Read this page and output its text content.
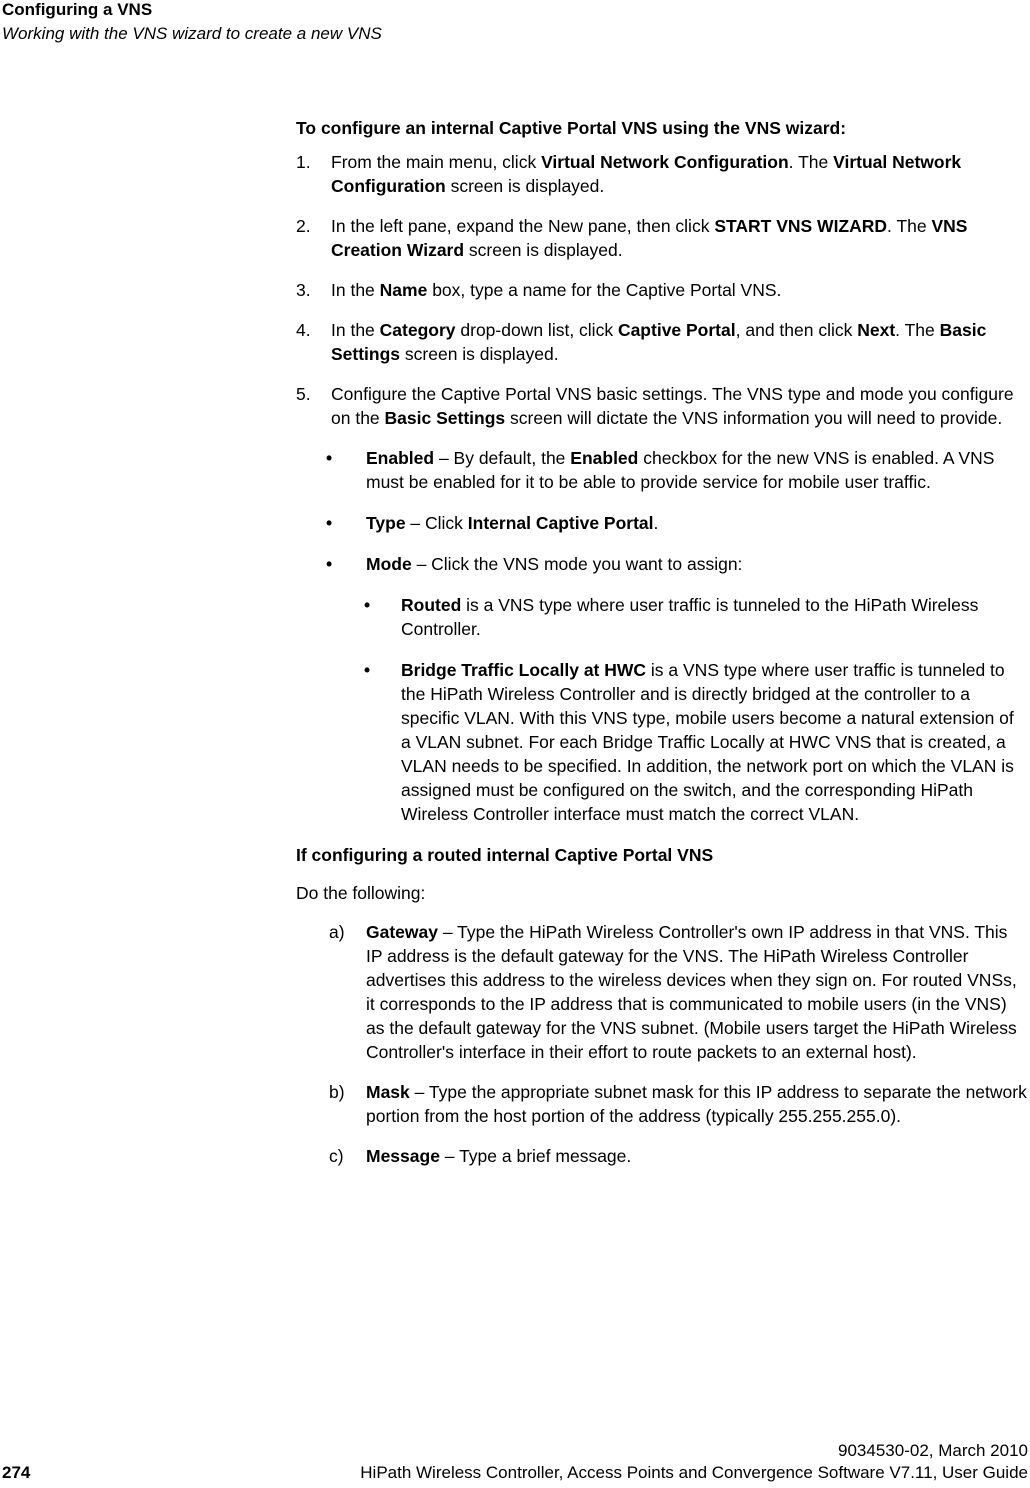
Configuring a VNS
Working with the VNS wizard to create a new VNS
To configure an internal Captive Portal VNS using the VNS wizard:
1. From the main menu, click Virtual Network Configuration. The Virtual Network Configuration screen is displayed.
2. In the left pane, expand the New pane, then click START VNS WIZARD. The VNS Creation Wizard screen is displayed.
3. In the Name box, type a name for the Captive Portal VNS.
4. In the Category drop-down list, click Captive Portal, and then click Next. The Basic Settings screen is displayed.
5. Configure the Captive Portal VNS basic settings. The VNS type and mode you configure on the Basic Settings screen will dictate the VNS information you will need to provide.
• Enabled – By default, the Enabled checkbox for the new VNS is enabled. A VNS must be enabled for it to be able to provide service for mobile user traffic.
• Type – Click Internal Captive Portal.
• Mode – Click the VNS mode you want to assign:
• Routed is a VNS type where user traffic is tunneled to the HiPath Wireless Controller.
• Bridge Traffic Locally at HWC is a VNS type where user traffic is tunneled to the HiPath Wireless Controller and is directly bridged at the controller to a specific VLAN. With this VNS type, mobile users become a natural extension of a VLAN subnet. For each Bridge Traffic Locally at HWC VNS that is created, a VLAN needs to be specified. In addition, the network port on which the VLAN is assigned must be configured on the switch, and the corresponding HiPath Wireless Controller interface must match the correct VLAN.
If configuring a routed internal Captive Portal VNS
Do the following:
a) Gateway – Type the HiPath Wireless Controller's own IP address in that VNS. This IP address is the default gateway for the VNS. The HiPath Wireless Controller advertises this address to the wireless devices when they sign on. For routed VNSs, it corresponds to the IP address that is communicated to mobile users (in the VNS) as the default gateway for the VNS subnet. (Mobile users target the HiPath Wireless Controller's interface in their effort to route packets to an external host).
b) Mask – Type the appropriate subnet mask for this IP address to separate the network portion from the host portion of the address (typically 255.255.255.0).
c) Message – Type a brief message.
9034530-02, March 2010
274	HiPath Wireless Controller, Access Points and Convergence Software V7.11, User Guide
